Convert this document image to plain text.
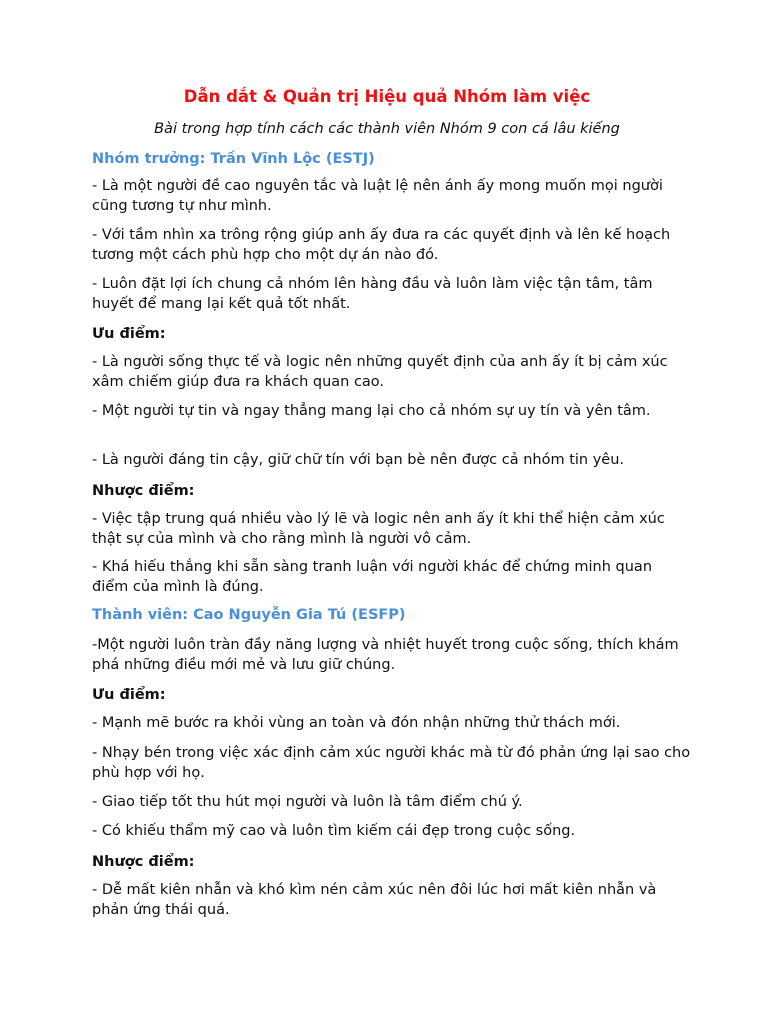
Dẫn dắt & Quản trị Hiệu quả Nhóm làm việc
Bài trong hợp tính cách các thành viên Nhóm 9 con cá lâu kiếng
Nhóm trưởng: Trần Vĩnh Lộc (ESTJ)
- Là một người đề cao nguyên tắc và luật lệ nên ánh ấy mong muốn mọi người cũng tương tự như mình.
- Với tầm nhìn xa trông rộng giúp anh ấy đưa ra các quyết định và lên kế hoạch tương một cách phù hợp cho một dự án nào đó.
- Luôn đặt lợi ích chung cả nhóm lên hàng đầu và luôn làm việc tận tâm, tâm huyết để mang lại kết quả tốt nhất.
Ưu điểm:
- Là người sống thực tế và logic nên những quyết định của anh ấy ít bị cảm xúc xâm chiếm giúp đưa ra khách quan cao.
- Một người tự tin và ngay thẳng mang lại cho cả nhóm sự uy tín và yên tâm.
- Là người đáng tin cậy, giữ chữ tín với bạn bè nên được cả nhóm tin yêu.
Nhược điểm:
- Việc tập trung quá nhiều vào lý lẽ và logic nên anh ấy ít khi thể hiện cảm xúc thật sự của mình và cho rằng mình là người vô cảm.
- Khá hiếu thắng khi sẵn sàng tranh luận với người khác để chứng minh quan điểm của mình là đúng.
Thành viên: Cao Nguyễn Gia Tú (ESFP)
-Một người luôn tràn đầy năng lượng và nhiệt huyết trong cuộc sống, thích khám phá những điều mới mẻ và lưu giữ chúng.
Ưu điểm:
- Mạnh mẽ bước ra khỏi vùng an toàn và đón nhận những thử thách mới.
- Nhạy bén trong việc xác định cảm xúc người khác mà từ đó phản ứng lại sao cho phù hợp với họ.
- Giao tiếp tốt thu hút mọi người và luôn là tâm điểm chú ý.
- Có khiếu thẩm mỹ cao và luôn tìm kiếm cái đẹp trong cuộc sống.
Nhược điểm:
- Dễ mất kiên nhẫn và khó kìm nén cảm xúc nên đôi lúc hơi mất kiên nhẫn và phản ứng thái quá.
